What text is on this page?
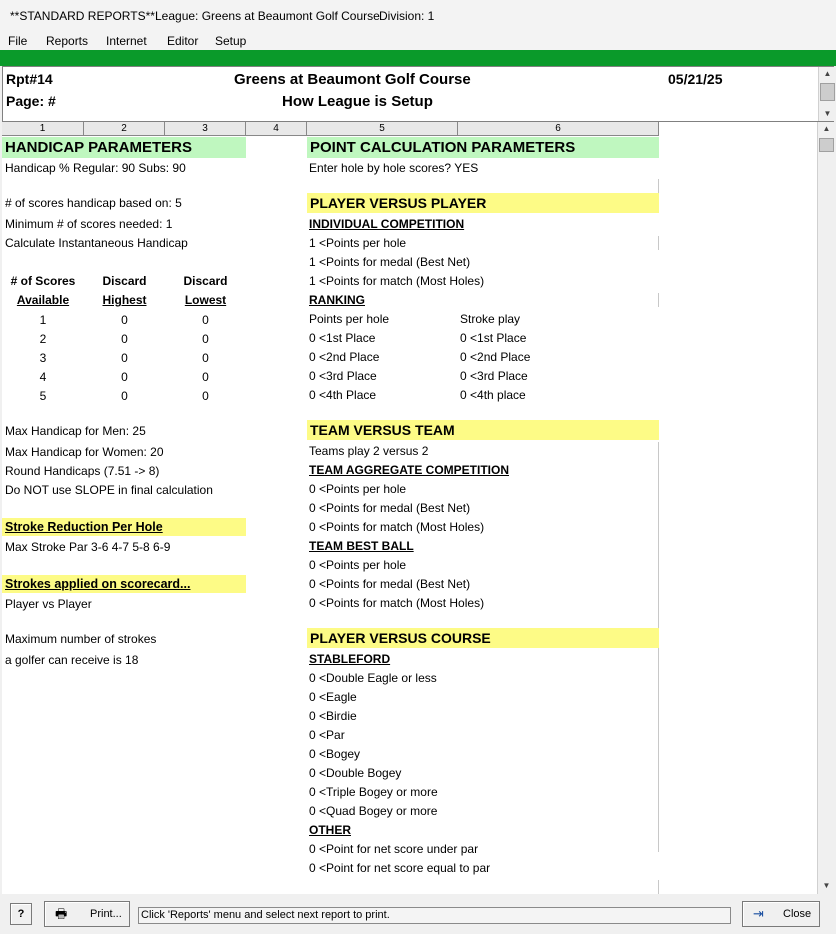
**STANDARD REPORTS** League: Greens at Beaumont Golf Course Division: 1
File Reports Internet Editor Setup
Rpt#14
Page: #
Greens at Beaumont Golf Course
How League is Setup
05/21/25	▲
▼
1	2	3	4	5	6
HANDICAP PARAMETERS
Handicap % Regular: 90 Subs: 90
# of scores handicap based on: 5
Minimum # of scores needed: 1
Calculate Instantaneous Handicap
# of Scores
Available
Discard
Highest
Discard
Lowest
1	0	0
2	0	0
3	0	0
4	0	0
5	0	0
Max Handicap for Men: 25
Max Handicap for Women: 20
Round Handicaps (7.51 -> 8)
Do NOT use SLOPE in final calculation
Stroke Reduction Per Hole
Max Stroke Par 3-6 4-7 5-8 6-9
Strokes applied on scorecard...
Player vs Player
Maximum number of strokes
a golfer can receive is 18
POINT CALCULATION PARAMETERS
Enter hole by hole scores? YES
PLAYER VERSUS PLAYER
INDIVIDUAL COMPETITION
1 <Points per hole
1 <Points for medal (Best Net)
1 <Points for match (Most Holes)
RANKING
Points per hole	Stroke play
0 <1st Place	0 <1st Place
0 <2nd Place	0 <2nd Place
0 <3rd Place	0 <3rd Place
0 <4th Place	0 <4th place
TEAM VERSUS TEAM
Teams play 2 versus 2
TEAM AGGREGATE COMPETITION
0 <Points per hole
0 <Points for medal (Best Net)
0 <Points for match (Most Holes)
TEAM BEST BALL
0 <Points per hole
0 <Points for medal (Best Net)
0 <Points for match (Most Holes)
PLAYER VERSUS COURSE
STABLEFORD
0 <Double Eagle or less
0 <Eagle
0 <Birdie
0 <Par
0 <Bogey
0 <Double Bogey
0 <Triple Bogey or more
0 <Quad Bogey or more
OTHER
0 <Point for net score under par
0 <Point for net score equal to par
▲
▼
?	🖶 Print... Click 'Reports' menu and select next report to print.	⇥ Close
